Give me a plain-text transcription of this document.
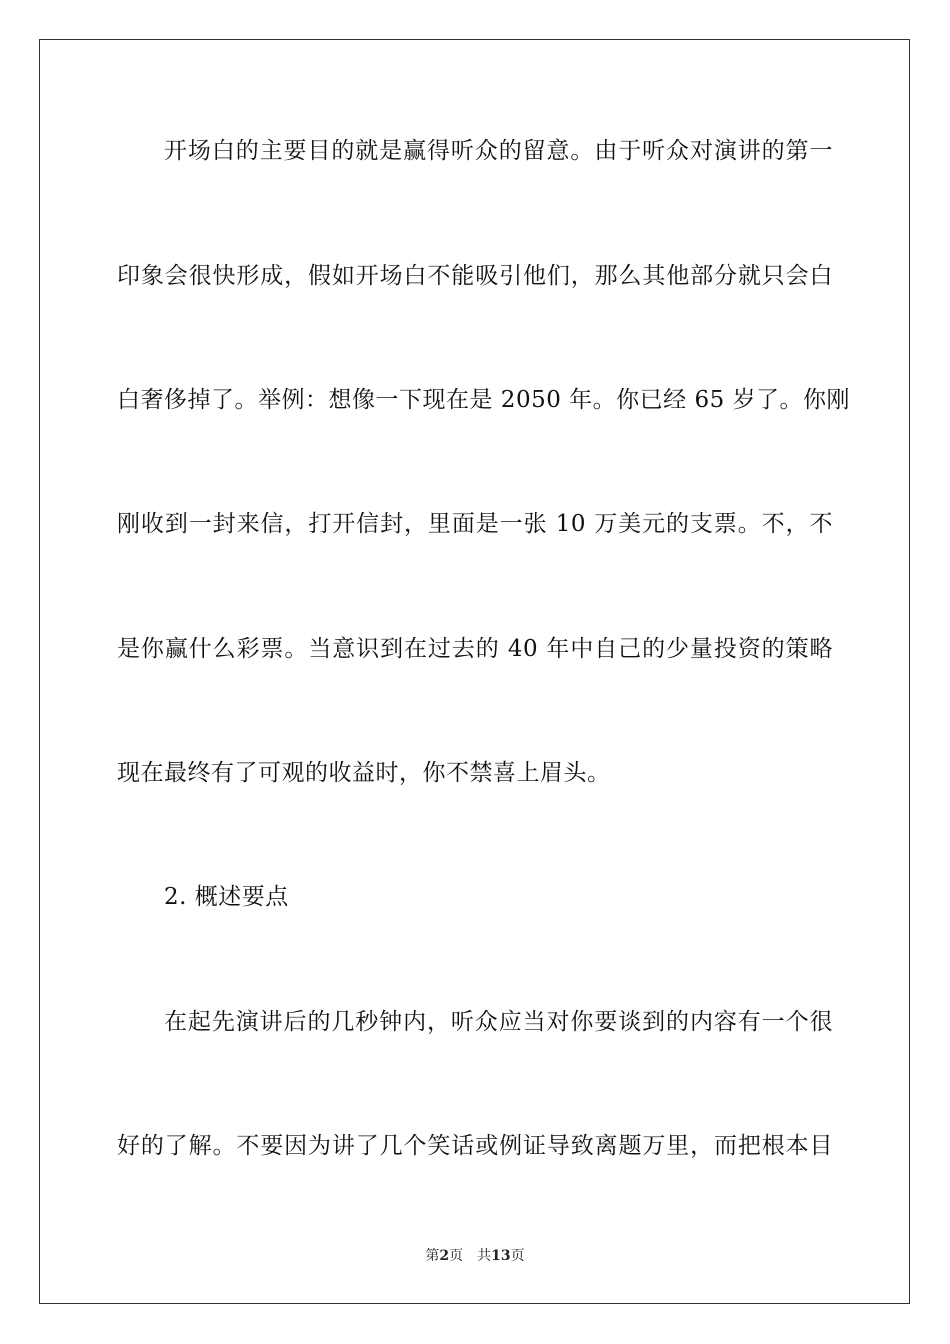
开场白的主要目的就是赢得听众的留意。由于听众对演讲的第一
印象会很快形成，假如开场白不能吸引他们，那么其他部分就只会白
白奢侈掉了。举例：想像一下现在是 2050 年。你已经 65 岁了。你刚
刚收到一封来信，打开信封，里面是一张 10 万美元的支票。不，不
是你赢什么彩票。当意识到在过去的 40 年中自己的少量投资的策略
现在最终有了可观的收益时，你不禁喜上眉头。
2. 概述要点
在起先演讲后的几秒钟内，听众应当对你要谈到的内容有一个很
好的了解。不要因为讲了几个笑话或例证导致离题万里，而把根本目
第2页 共13页
